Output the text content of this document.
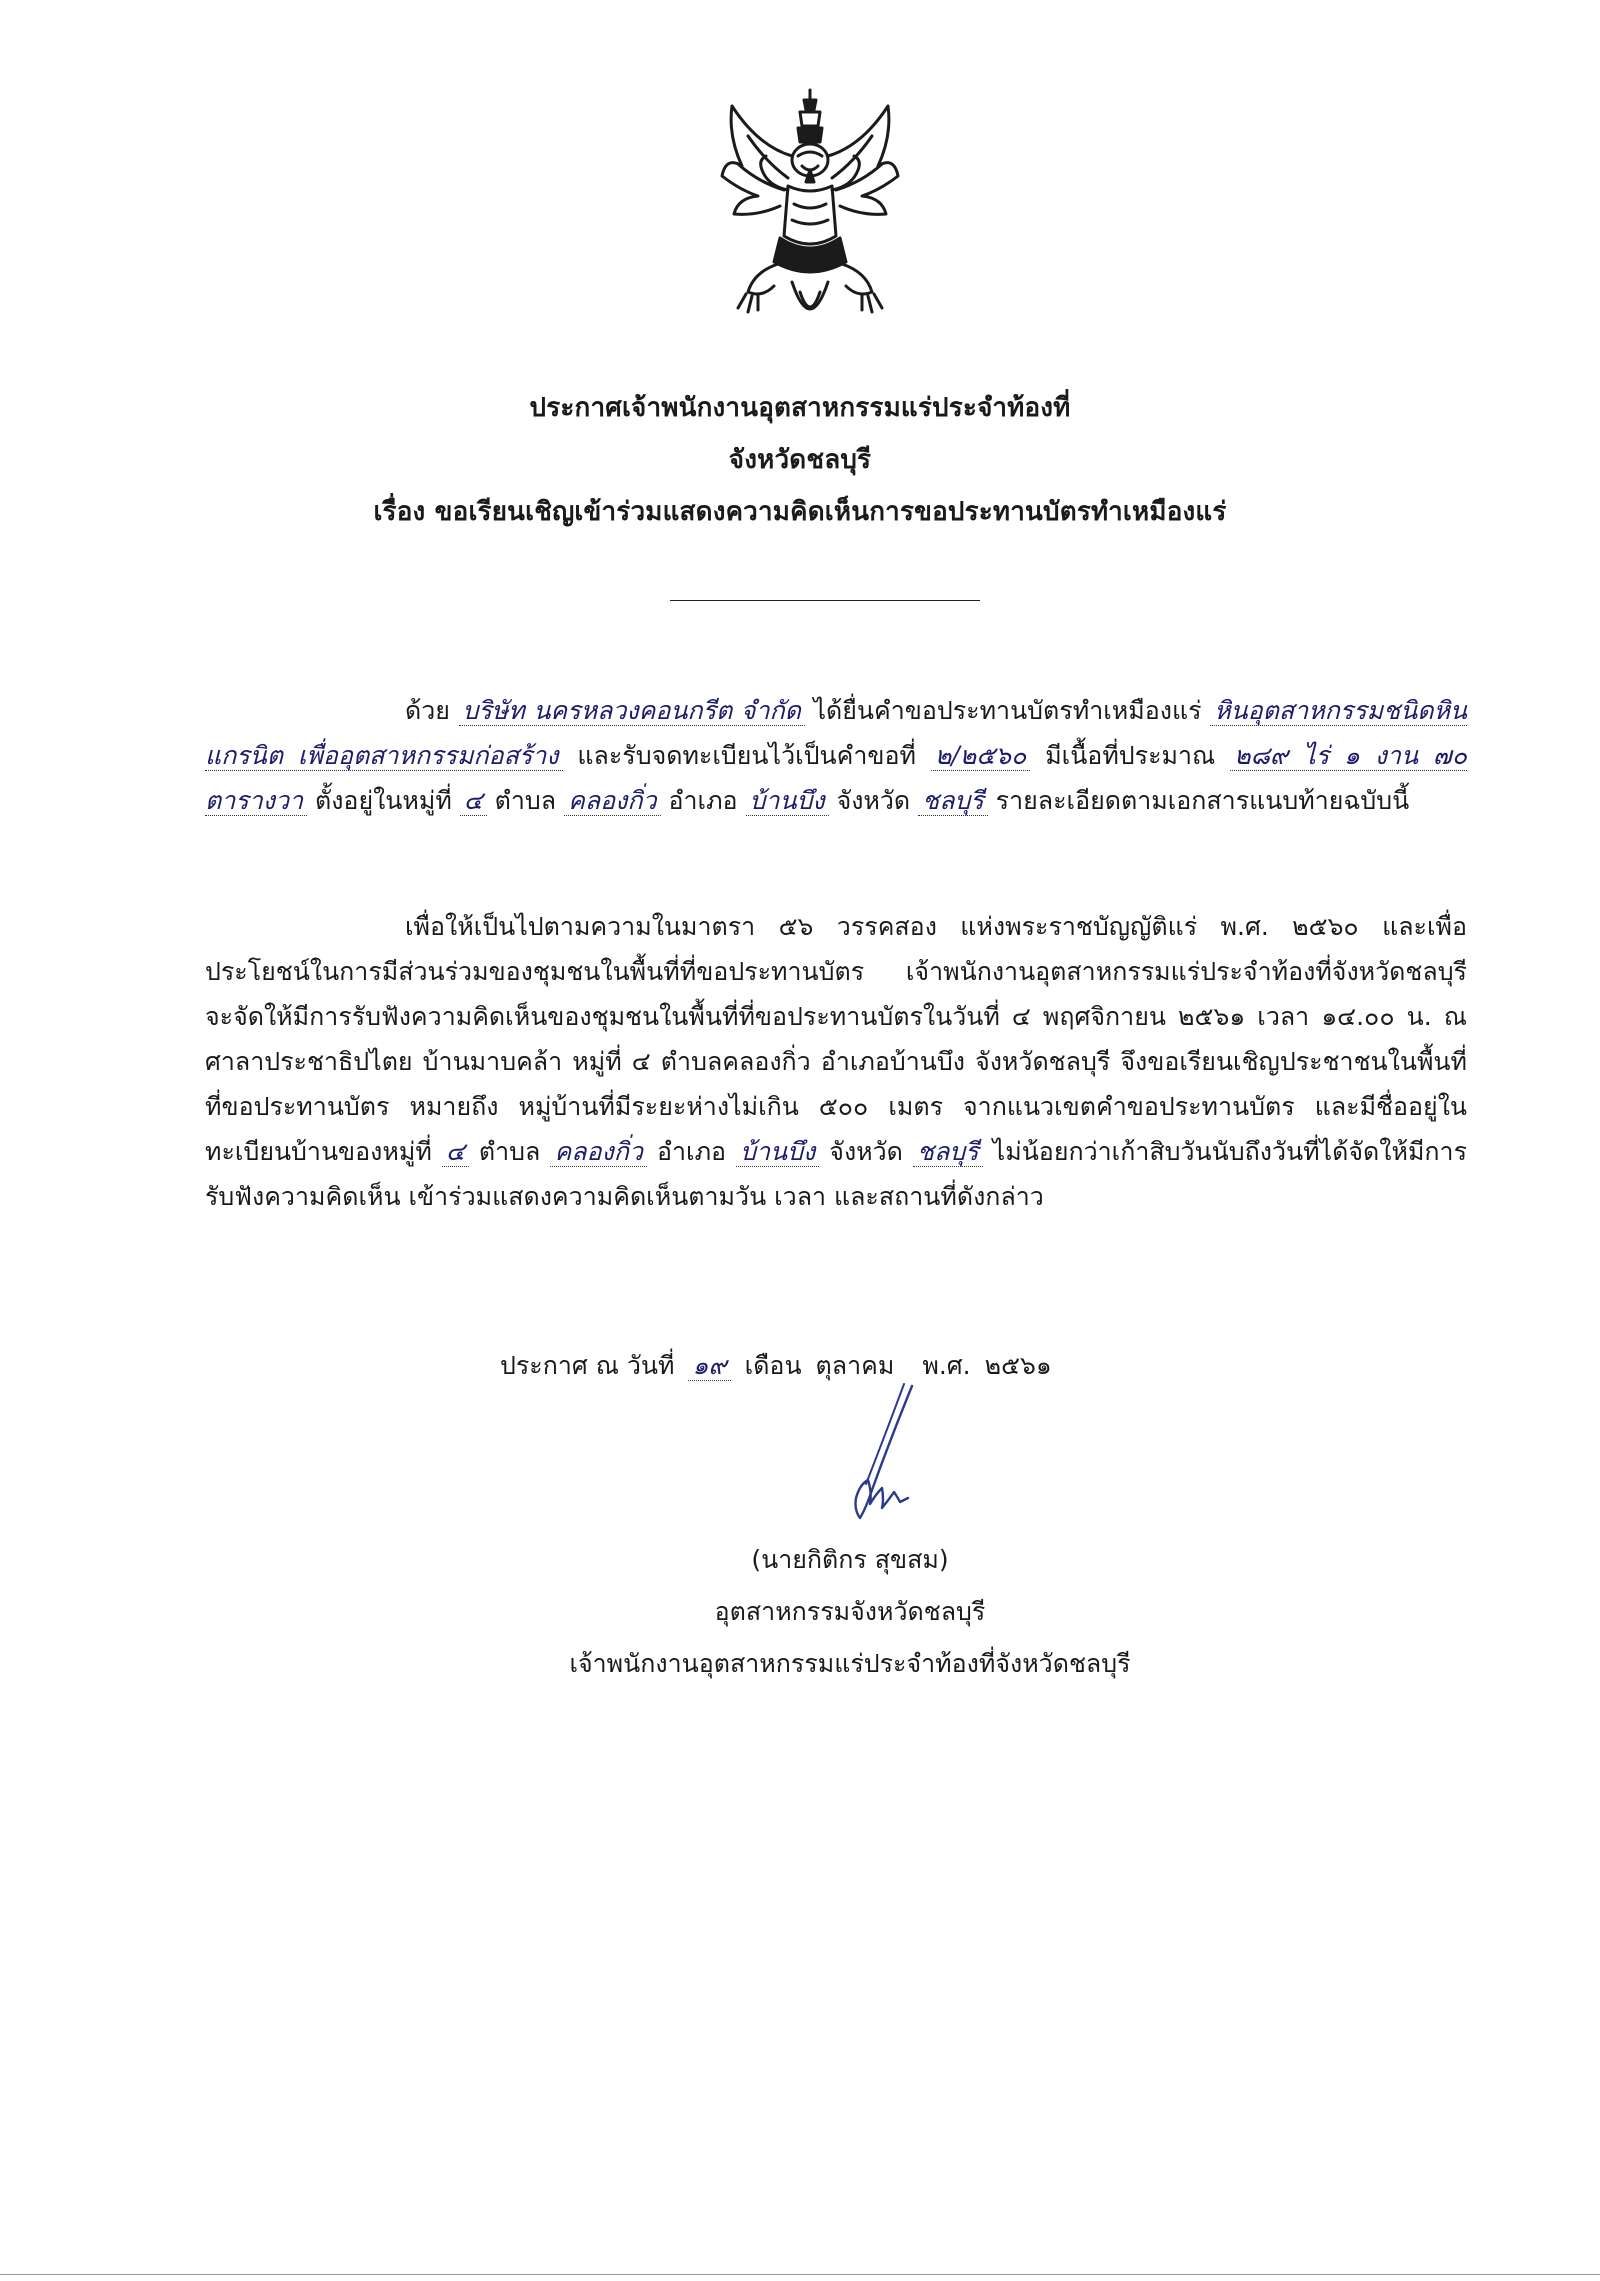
ประกาศเจ้าพนักงานอุตสาหกรรมแร่ประจำท้องที่
จังหวัดชลบุรี
เรื่อง ขอเรียนเชิญเข้าร่วมแสดงความคิดเห็นการขอประทานบัตรทำเหมืองแร่

ด้วย บริษัท นครหลวงคอนกรีต จำกัด ได้ยื่นคำขอประทานบัตรทำเหมืองแร่ หินอุตสาหกรรมชนิดหินแกรนิต เพื่ออุตสาหกรรมก่อสร้าง และรับจดทะเบียนไว้เป็นคำขอที่ ๒/๒๕๖๐ มีเนื้อที่ประมาณ ๒๘๙ ไร่ ๑ งาน ๗๐ ตารางวา ตั้งอยู่ในหมู่ที่ ๔ ตำบล คลองกิ่ว อำเภอ บ้านบึง จังหวัด ชลบุรี รายละเอียดตามเอกสารแนบท้ายฉบับนี้

เพื่อให้เป็นไปตามความในมาตรา ๕๖ วรรคสอง แห่งพระราชบัญญัติแร่ พ.ศ. ๒๕๖๐ และเพื่อประโยชน์ในการมีส่วนร่วมของชุมชนในพื้นที่ที่ขอประทานบัตร เจ้าพนักงานอุตสาหกรรมแร่ประจำท้องที่จังหวัดชลบุรี จะจัดให้มีการรับฟังความคิดเห็นของชุมชนในพื้นที่ที่ขอประทานบัตรในวันที่ ๔ พฤศจิกายน ๒๕๖๑ เวลา ๑๔.๐๐ น. ณ ศาลาประชาธิปไตย บ้านมาบคล้า หมู่ที่ ๔ ตำบลคลองกิ่ว อำเภอบ้านบึง จังหวัดชลบุรี จึงขอเรียนเชิญประชาชนในพื้นที่ที่ขอประทานบัตร หมายถึง หมู่บ้านที่มีระยะห่างไม่เกิน ๕๐๐ เมตร จากแนวเขตคำขอประทานบัตร และมีชื่ออยู่ในทะเบียนบ้านของหมู่ที่ ๔ ตำบล คลองกิ่ว อำเภอ บ้านบึง จังหวัด ชลบุรี ไม่น้อยกว่าเก้าสิบวันนับถึงวันที่ได้จัดให้มีการรับฟังความคิดเห็น เข้าร่วมแสดงความคิดเห็นตามวัน เวลา และสถานที่ดังกล่าว

ประกาศ ณ วันที่ ๑๙ เดือน ตุลาคม พ.ศ. ๒๕๖๑
(นายกิติกร สุขสม)
อุตสาหกรรมจังหวัดชลบุรี
เจ้าพนักงานอุตสาหกรรมแร่ประจำท้องที่จังหวัดชลบุรี
